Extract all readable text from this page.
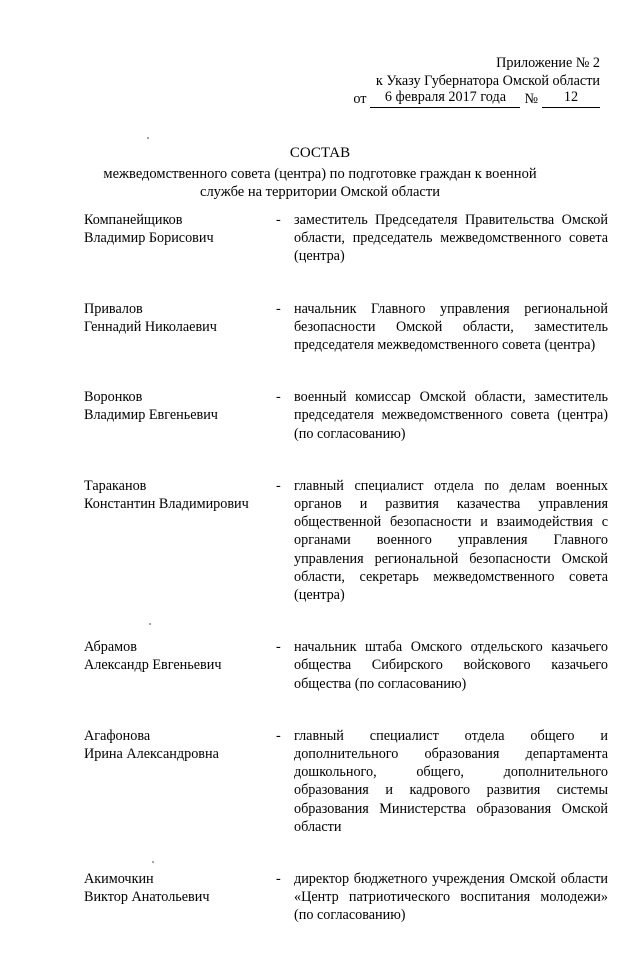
Приложение № 2
к Указу Губернатора Омской области
от	6 февраля 2017 года	№	12
СОСТАВ
межведомственного совета (центра) по подготовке граждан к военной службе на территории Омской области
Компанейщиков
Владимир Борисович
- заместитель Председателя Правительства Омской области, председатель межведомственного совета (центра)
Привалов
Геннадий Николаевич
- начальник Главного управления региональной безопасности Омской области, заместитель председателя межведомственного совета (центра)
Воронков
Владимир Евгеньевич
- военный комиссар Омской области, заместитель председателя межведомственного совета (центра) (по согласованию)
Тараканов
Константин Владимирович
- главный специалист отдела по делам военных органов и развития казачества управления общественной безопасности и взаимодействия с органами военного управления Главного управления региональной безопасности Омской области, секретарь межведомственного совета (центра)
Абрамов
Александр Евгеньевич
- начальник штаба Омского отдельского казачьего общества Сибирского войскового казачьего общества (по согласованию)
Агафонова
Ирина Александровна
- главный специалист отдела общего и дополнительного образования департамента дошкольного, общего, дополнительного образования и кадрового развития системы образования Министерства образования Омской области
Акимочкин
Виктор Анатольевич
- директор бюджетного учреждения Омской области «Центр патриотического воспитания молодежи» (по согласованию)
